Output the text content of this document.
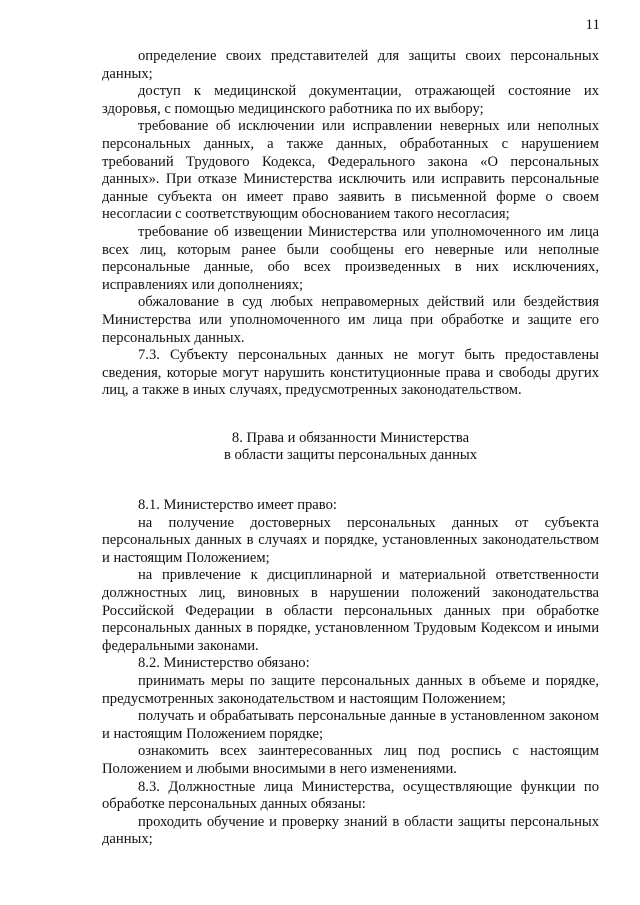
11

определение своих представителей для защиты своих персональных данных;

доступ к медицинской документации, отражающей состояние их здоровья, с помощью медицинского работника по их выбору;

требование об исключении или исправлении неверных или неполных персональных данных, а также данных, обработанных с нарушением требований Трудового Кодекса, Федерального закона «О персональных данных». При отказе Министерства исключить или исправить персональные данные субъекта он имеет право заявить в письменной форме о своем несогласии с соответствующим обоснованием такого несогласия;

требование об извещении Министерства или уполномоченного им лица всех лиц, которым ранее были сообщены его неверные или неполные персональные данные, обо всех произведенных в них исключениях, исправлениях или дополнениях;

обжалование в суд любых неправомерных действий или бездействия Министерства или уполномоченного им лица при обработке и защите его персональных данных.

7.3. Субъекту персональных данных не могут быть предоставлены сведения, которые могут нарушить конституционные права и свободы других лиц, а также в иных случаях, предусмотренных законодательством.

8. Права и обязанности Министерства
в области защиты персональных данных

8.1. Министерство имеет право:

на получение достоверных персональных данных от субъекта персональных данных в случаях и порядке, установленных законодательством и настоящим Положением;

на привлечение к дисциплинарной и материальной ответственности должностных лиц, виновных в нарушении положений законодательства Российской Федерации в области персональных данных при обработке персональных данных в порядке, установленном Трудовым Кодексом и иными федеральными законами.

8.2. Министерство обязано:

принимать меры по защите персональных данных в объеме и порядке, предусмотренных законодательством и настоящим Положением;

получать и обрабатывать персональные данные в установленном законом и настоящим Положением порядке;

ознакомить всех заинтересованных лиц под роспись с настоящим Положением и любыми вносимыми в него изменениями.

8.3. Должностные лица Министерства, осуществляющие функции по обработке персональных данных обязаны:

проходить обучение и проверку знаний в области защиты персональных данных;
